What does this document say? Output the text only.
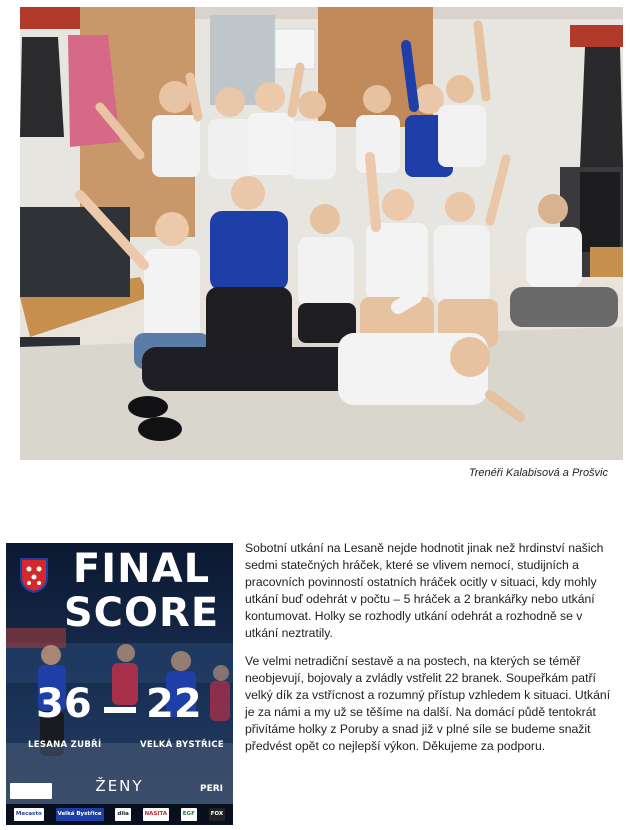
Trenéři Kalabisová a Prošvic
FINAL
SCORE
36 22
LESANA ZUBŘÍ	VELKÁ BYSTŘICE
ŽENY	PERI
Mecasto	Velká Bystřice	dila	NASITA	EGF	FOX

Sobotní utkání na Lesaně nejde hodnotit jinak než hrdinství našich sedmi statečných hráček, které se vlivem nemocí, studijních a pracovních povinností ostatních hráček ocitly v situaci, kdy mohly utkání buď odehrát v počtu – 5 hráček a 2 brankářky nebo utkání kontumovat. Holky se rozhodly utkání odehrát a rozhodně se v utkání neztratily.

Ve velmi netradiční sestavě a na postech, na kterých se téměř neobjevují, bojovaly a zvládly vstřelit 22 branek. Soupeřkám patří velký dík za vstřícnost a rozumný přístup vzhledem k situaci. Utkání je za námi a my už se těšíme na další. Na domácí půdě tentokrát přivítáme holky z Poruby a snad již v plné síle se budeme snažit předvést opět co nejlepší výkon. Děkujeme za podporu.
